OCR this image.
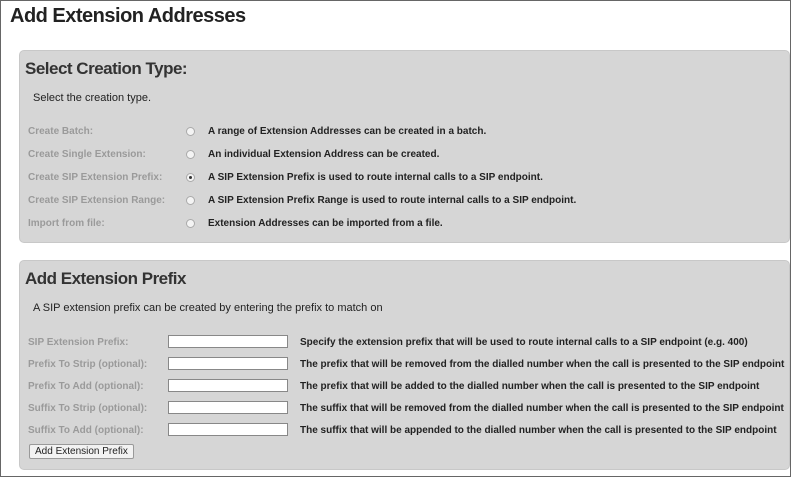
Add Extension Addresses
Select Creation Type:
Select the creation type.
Create Batch:	A range of Extension Addresses can be created in a batch.
Create Single Extension:	An individual Extension Address can be created.
Create SIP Extension Prefix:	A SIP Extension Prefix is used to route internal calls to a SIP endpoint.
Create SIP Extension Range:	A SIP Extension Prefix Range is used to route internal calls to a SIP endpoint.
Import from file:	Extension Addresses can be imported from a file.
Add Extension Prefix
A SIP extension prefix can be created by entering the prefix to match on
SIP Extension Prefix:	Specify the extension prefix that will be used to route internal calls to a SIP endpoint (e.g. 400)
Prefix To Strip (optional):	The prefix that will be removed from the dialled number when the call is presented to the SIP endpoint
Prefix To Add (optional):	The prefix that will be added to the dialled number when the call is presented to the SIP endpoint
Suffix To Strip (optional):	The suffix that will be removed from the dialled number when the call is presented to the SIP endpoint
Suffix To Add (optional):	The suffix that will be appended to the dialled number when the call is presented to the SIP endpoint
Add Extension Prefix
